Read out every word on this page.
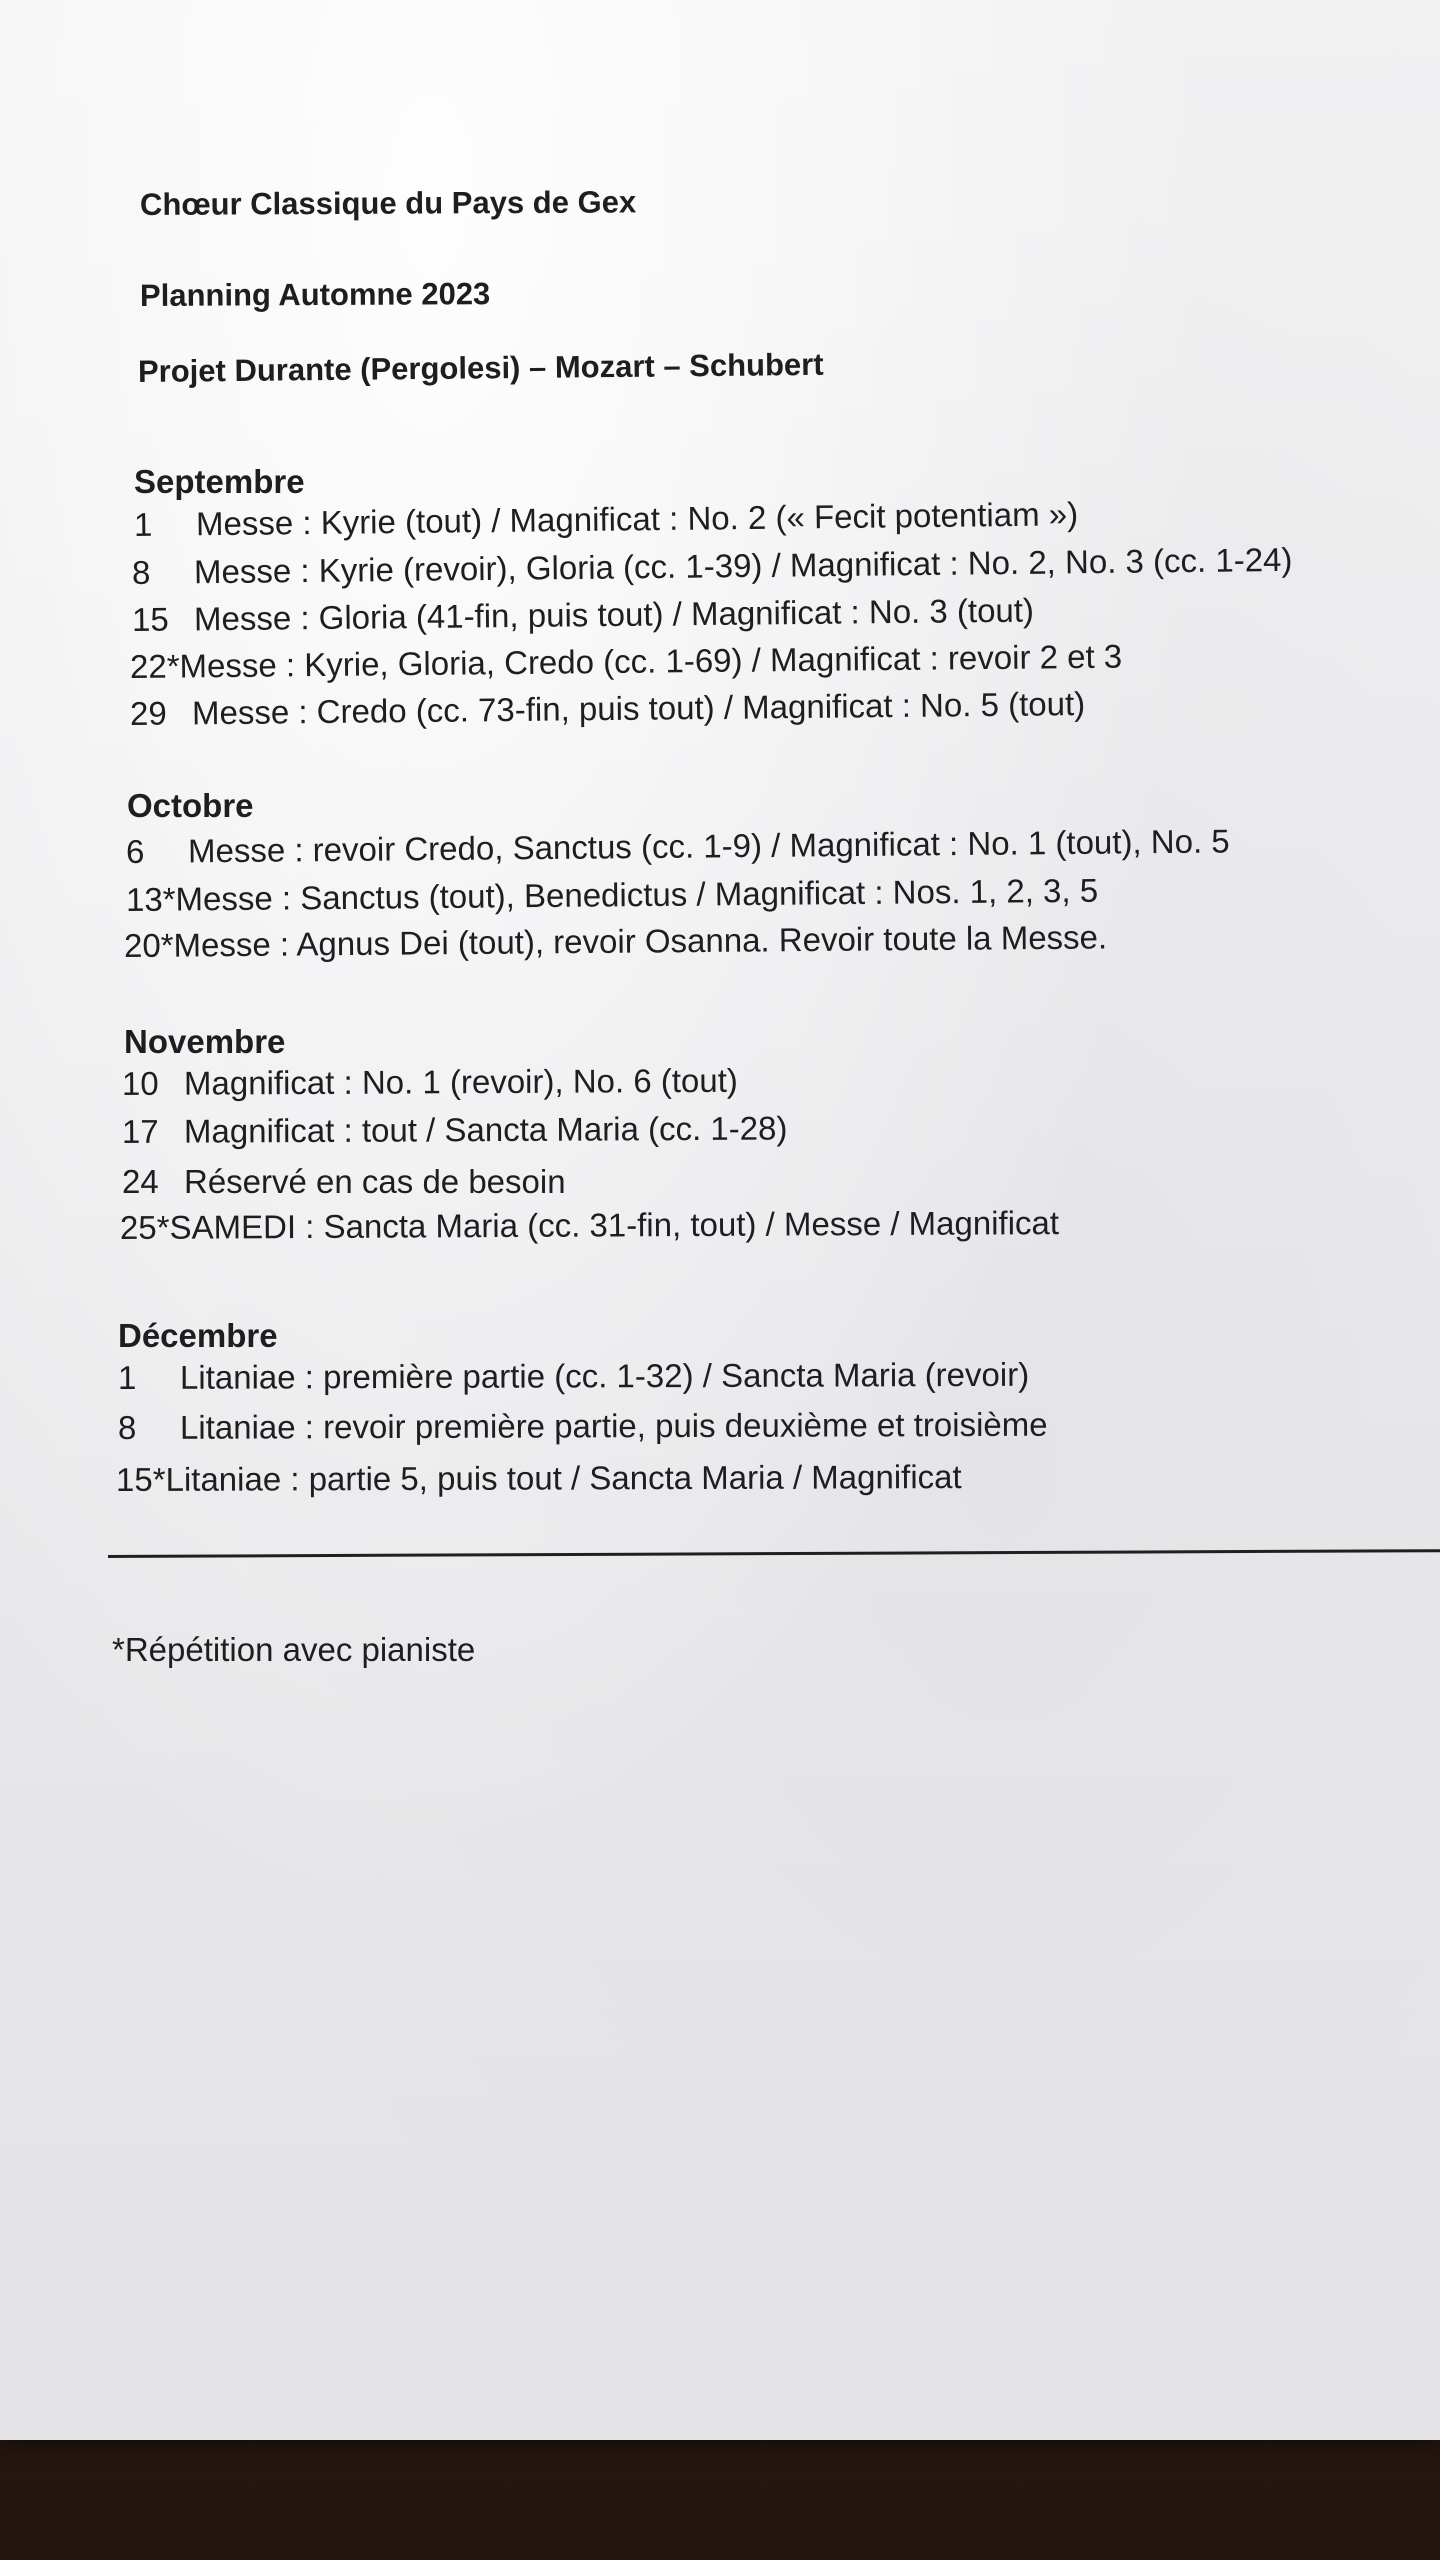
Chœur Classique du Pays de Gex
Planning Automne 2023
Projet Durante (Pergolesi) – Mozart – Schubert
Septembre
1 Messe : Kyrie (tout) / Magnificat : No. 2 (« Fecit potentiam »)
8 Messe : Kyrie (revoir), Gloria (cc. 1-39) / Magnificat : No. 2, No. 3 (cc. 1-24)
15 Messe : Gloria (41-fin, puis tout) / Magnificat : No. 3 (tout)
22*Messe : Kyrie, Gloria, Credo (cc. 1-69) / Magnificat : revoir 2 et 3
29 Messe : Credo (cc. 73-fin, puis tout) / Magnificat : No. 5 (tout)
Octobre
6 Messe : revoir Credo, Sanctus (cc. 1-9) / Magnificat : No. 1 (tout), No. 5
13*Messe : Sanctus (tout), Benedictus / Magnificat : Nos. 1, 2, 3, 5
20*Messe : Agnus Dei (tout), revoir Osanna. Revoir toute la Messe.
Novembre
10 Magnificat : No. 1 (revoir), No. 6 (tout)
17 Magnificat : tout / Sancta Maria (cc. 1-28)
24 Réservé en cas de besoin
25*SAMEDI : Sancta Maria (cc. 31-fin, tout) / Messe / Magnificat
Décembre
1 Litaniae : première partie (cc. 1-32) / Sancta Maria (revoir)
8 Litaniae : revoir première partie, puis deuxième et troisième
15*Litaniae : partie 5, puis tout / Sancta Maria / Magnificat
*Répétition avec pianiste
